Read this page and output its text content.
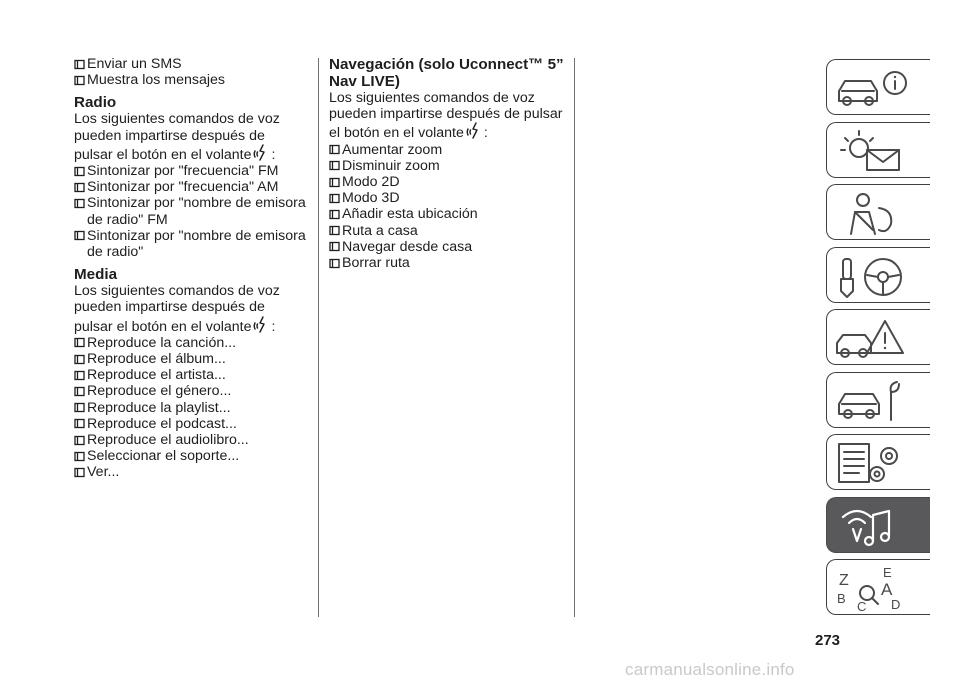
Enviar un SMS
Muestra los mensajes
Radio

Los siguientes comandos de voz pueden impartirse después de pulsar el botón en el volante :

Sintonizar por "frecuencia" FM
Sintonizar por "frecuencia" AM
Sintonizar por "nombre de emisora de radio" FM
Sintonizar por "nombre de emisora de radio"
Media

Los siguientes comandos de voz pueden impartirse después de pulsar el botón en el volante :

Reproduce la canción...
Reproduce el álbum...
Reproduce el artista...
Reproduce el género...
Reproduce la playlist...
Reproduce el podcast...
Reproduce el audiolibro...
Seleccionar el soporte...
Ver...
Navegación (solo Uconnect™ 5” Nav LIVE)

Los siguientes comandos de voz pueden impartirse después de pulsar el botón en el volante :

Aumentar zoom
Disminuir zoom
Modo 2D
Modo 3D
Añadir esta ubicación
Ruta a casa
Navegar desde casa
Borrar ruta
Z	E
A
B
C D
273
carmanualsonline.info
